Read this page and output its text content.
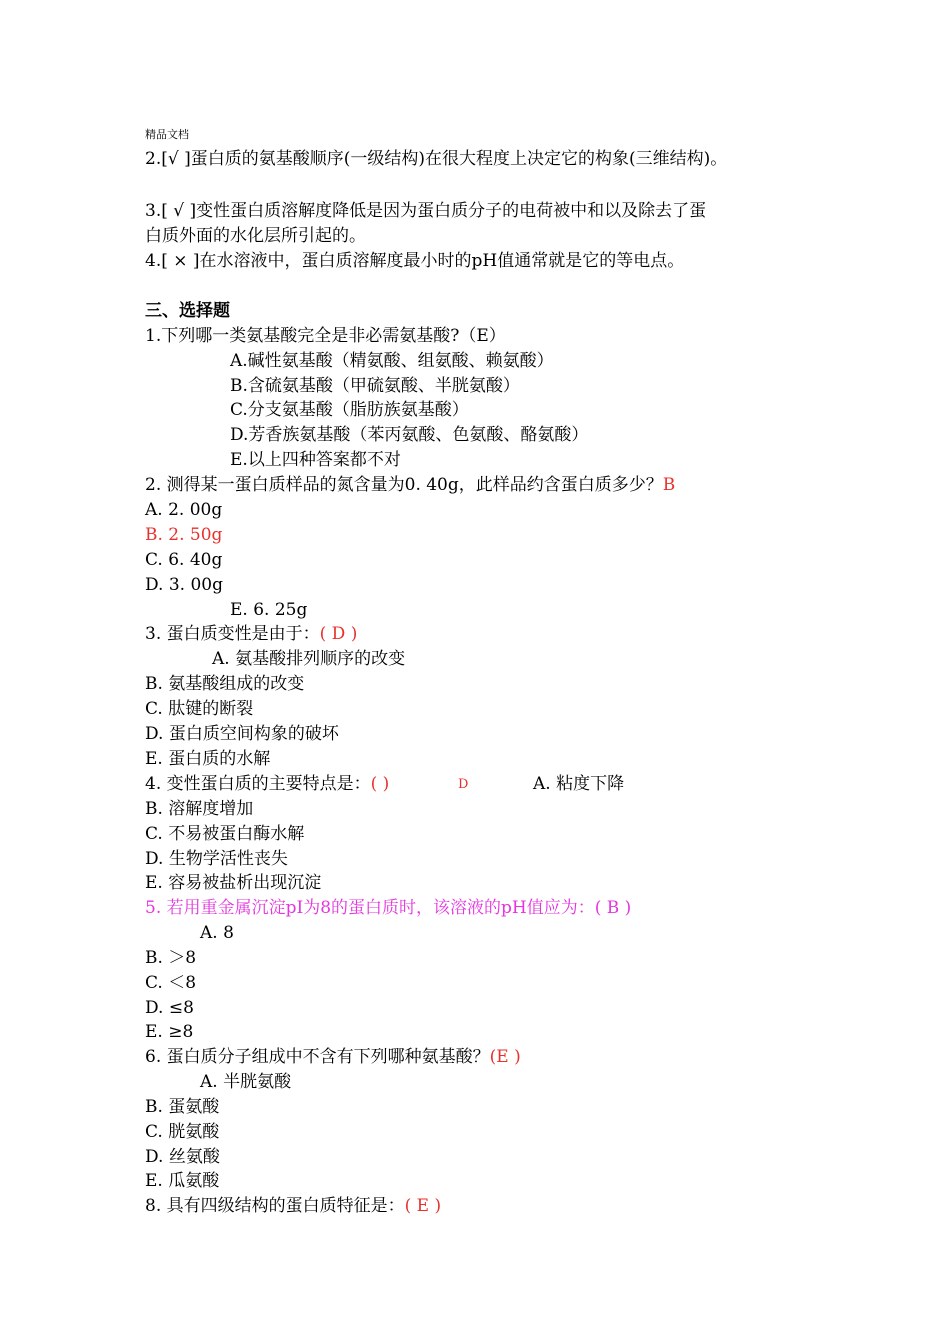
精品文档
2.[√ ]蛋白质的氨基酸顺序(一级结构)在很大程度上决定它的构象(三维结构)。
3.[ √ ]变性蛋白质溶解度降低是因为蛋白质分子的电荷被中和以及除去了蛋
白质外面的水化层所引起的。
4.[ × ]在水溶液中，蛋白质溶解度最小时的pH值通常就是它的等电点。
三、选择题
1.下列哪一类氨基酸完全是非必需氨基酸?（E）
A.碱性氨基酸（精氨酸、组氨酸、赖氨酸）
B.含硫氨基酸（甲硫氨酸、半胱氨酸）
C.分支氨基酸（脂肪族氨基酸）
D.芳香族氨基酸（苯丙氨酸、色氨酸、酪氨酸）
E.以上四种答案都不对
2. 测得某一蛋白质样品的氮含量为0. 40g，此样品约含蛋白质多少？B
A. 2. 00g
B. 2. 50g
C. 6. 40g
D. 3. 00g
E. 6. 25g
3. 蛋白质变性是由于：( D )
A. 氨基酸排列顺序的改变
B. 氨基酸组成的改变
C. 肽键的断裂
D. 蛋白质空间构象的破坏
E. 蛋白质的水解
4. 变性蛋白质的主要特点是：( )	D	A. 粘度下降
B. 溶解度增加
C. 不易被蛋白酶水解
D. 生物学活性丧失
E. 容易被盐析出现沉淀
5. 若用重金属沉淀pI为8的蛋白质时，该溶液的pH值应为：( B )
A. 8
B. ＞8
C. ＜8
D. ≤8
E. ≥8
6. 蛋白质分子组成中不含有下列哪种氨基酸？(E )
A. 半胱氨酸
B. 蛋氨酸
C. 胱氨酸
D. 丝氨酸
E. 瓜氨酸
8. 具有四级结构的蛋白质特征是：( E )
